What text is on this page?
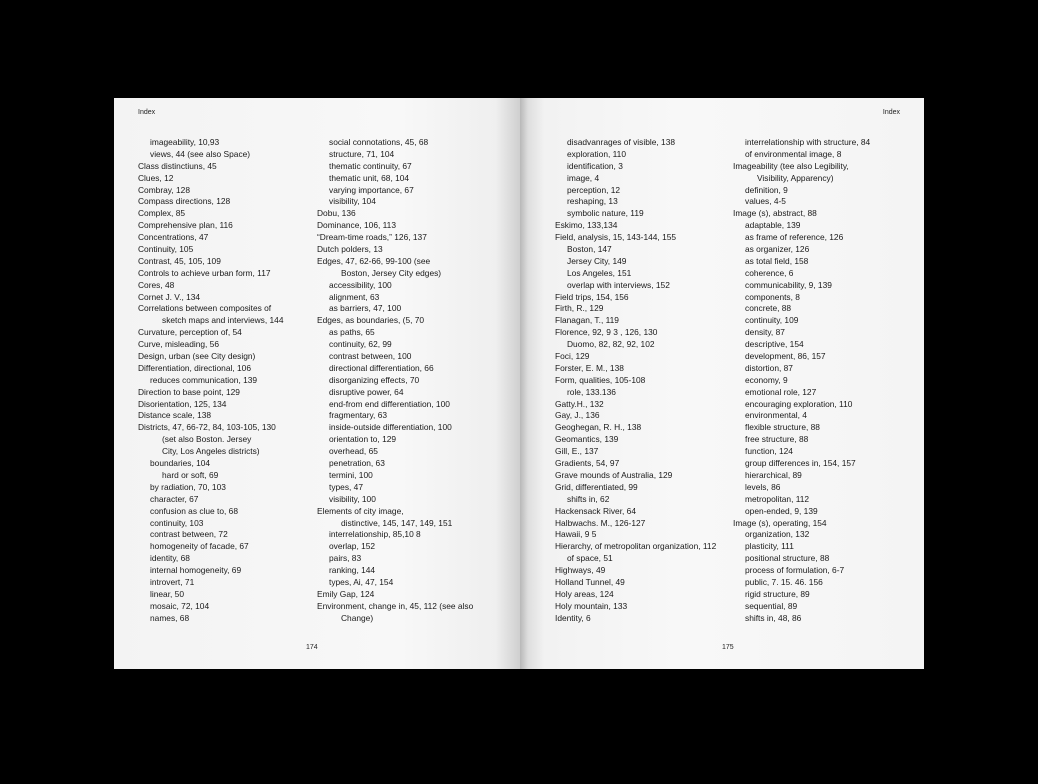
Index
imageability, 10,93
views, 44 (see also Space)
Class distinctiuns, 45
Clues, 12
Combray, 128
Compass directions, 128
Complex, 85
Comprehensive plan, 116
Concentrations, 47
Continuity, 105
Contrast, 45, 105, 109
Controls to achieve urban form, 117
Cores, 48
Cornet J. V., 134
Correlations between composites of
sketch maps and interviews, 144
Curvature, perception of, 54
Curve, misleading, 56
Design, urban (see City design)
Differentiation, directional, 106
reduces communication, 139
Direction to base point, 129
Disorientation, 125, 134
Distance scale, 138
Districts, 47, 66-72, 84, 103-105, 130
(set also Boston. Jersey
City, Los Angeles districts)
boundaries, 104
hard or soft, 69
by radiation, 70, 103
character, 67
confusion as clue to, 68
continuity, 103
contrast between, 72
homogeneity of facade, 67
identity, 68
internal homogeneity, 69
introvert, 71
linear, 50
mosaic, 72, 104
names, 68
social connotations, 45, 68
structure, 71, 104
thematic continuity, 67
thematic unit, 68, 104
varying importance, 67
visibility, 104
Dobu, 136
Dominance, 106, 113
“Dream-time roads,” 126, 137
Dutch polders, 13
Edges, 47, 62-66, 99-100 (see
Boston, Jersey City edges)
accessibility, 100
alignment, 63
as barriers, 47, 100
Edges, as boundaries, (5, 70
as paths, 65
continuity, 62, 99
contrast between, 100
directional differentiation, 66
disorganizing effects, 70
disruptive power, 64
end-from end differentiation, 100
fragmentary, 63
inside-outside differentiation, 100
orientation to, 129
overhead, 65
penetration, 63
termini, 100
types, 47
visibility, 100
Elements of city image,
distinctive, 145, 147, 149, 151
interrelationship, 85,10 8
overlap, 152
pairs, 83
ranking, 144
types, Ai, 47, 154
Emily Gap, 124
Environment, change in, 45, 112 (see also
Change)
174
Index
disadvanrages of visible, 138
exploration, 110
identification, 3
image, 4
perception, 12
reshaping, 13
symbolic nature, 119
Eskimo, 133,134
Field, analysis, 15, 143-144, 155
Boston, 147
Jersey City, 149
Los Angeles, 151
overlap with interviews, 152
Field trips, 154, 156
Firth, R., 129
Flanagan, T., 119
Florence, 92, 9 3 , 126, 130
Duomo, 82, 82, 92, 102
Foci, 129
Forster, E. M., 138
Form, qualities, 105-108
role, 133.136
Gatty.H., 132
Gay, J., 136
Geoghegan, R. H., 138
Geomantics, 139
Gill, E., 137
Gradients, 54, 97
Grave mounds of Australia, 129
Grid, differentiated, 99
shifts in, 62
Hackensack River, 64
Halbwachs. M., 126-127
Hawaii, 9 5
Hierarchy, of metropolitan organization, 112
of space, 51
Highways, 49
Holland Tunnel, 49
Holy areas, 124
Holy mountain, 133
Identity, 6
interrelationship with structure, 84
of environmental image, 8
Imageability (tee also Legibility,
Visibility, Apparency)
definition, 9
values, 4-5
Image (s), abstract, 88
adaptable, 139
as frame of reference, 126
as organizer, 126
as total field, 158
coherence, 6
communicability, 9, 139
components, 8
concrete, 88
continuity, 109
density, 87
descriptive, 154
development, 86, 157
distortion, 87
economy, 9
emotional role, 127
encouraging exploration, 110
environmental, 4
flexible structure, 88
free structure, 88
function, 124
group differences in, 154, 157
hierarchical, 89
levels, 86
metropolitan, 112
open-ended, 9, 139
Image (s), operating, 154
organization, 132
plasticity, 111
positional structure, 88
process of formulation, 6-7
public, 7. 15. 46. 156
rigid structure, 89
sequential, 89
shifts in, 48, 86
175
